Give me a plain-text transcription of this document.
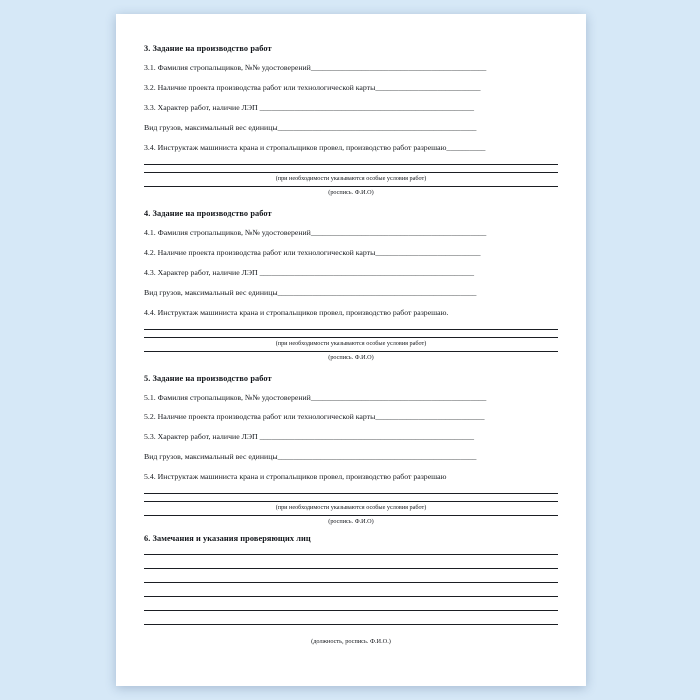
3. Задание на производство работ
3.1. Фамилия стропальщиков, №№ удостоверений_____________________________________________
3.2. Наличие проекта производства работ или технологической карты___________________________
3.3. Характер работ, наличие ЛЭП _______________________________________________________
Вид грузов, максимальный вес единицы___________________________________________________
3.4. Инструктаж машиниста крана и стропальщиков провел, производство работ разрешаю__________
(при необходимости указываются особые условия работ)
(роспись. Ф.И.О)
4. Задание на производство работ
4.1. Фамилия стропальщиков, №№ удостоверений_____________________________________________
4.2. Наличие проекта производства работ или технологической карты___________________________
4.3. Характер работ, наличие ЛЭП _______________________________________________________
Вид грузов, максимальный вес единицы___________________________________________________
4.4. Инструктаж машиниста крана и стропальщиков провел, производство работ разрешаю.
(при необходимости указываются особые условия работ)
(роспись. Ф.И.О)
5. Задание на производство работ
5.1. Фамилия стропальщиков, №№ удостоверений_____________________________________________
5.2. Наличие проекта производства работ или технологической карты____________________________
5.3. Характер работ, наличие ЛЭП _______________________________________________________
Вид грузов, максимальный вес единицы___________________________________________________
5.4. Инструктаж машиниста крана и стропальщиков провел, производство работ разрешаю
(при необходимости указываются особые условия работ)
(роспись. Ф.И.О)
6. Замечания и указания проверяющих лиц
(должность, роспись. Ф.И.О.)
